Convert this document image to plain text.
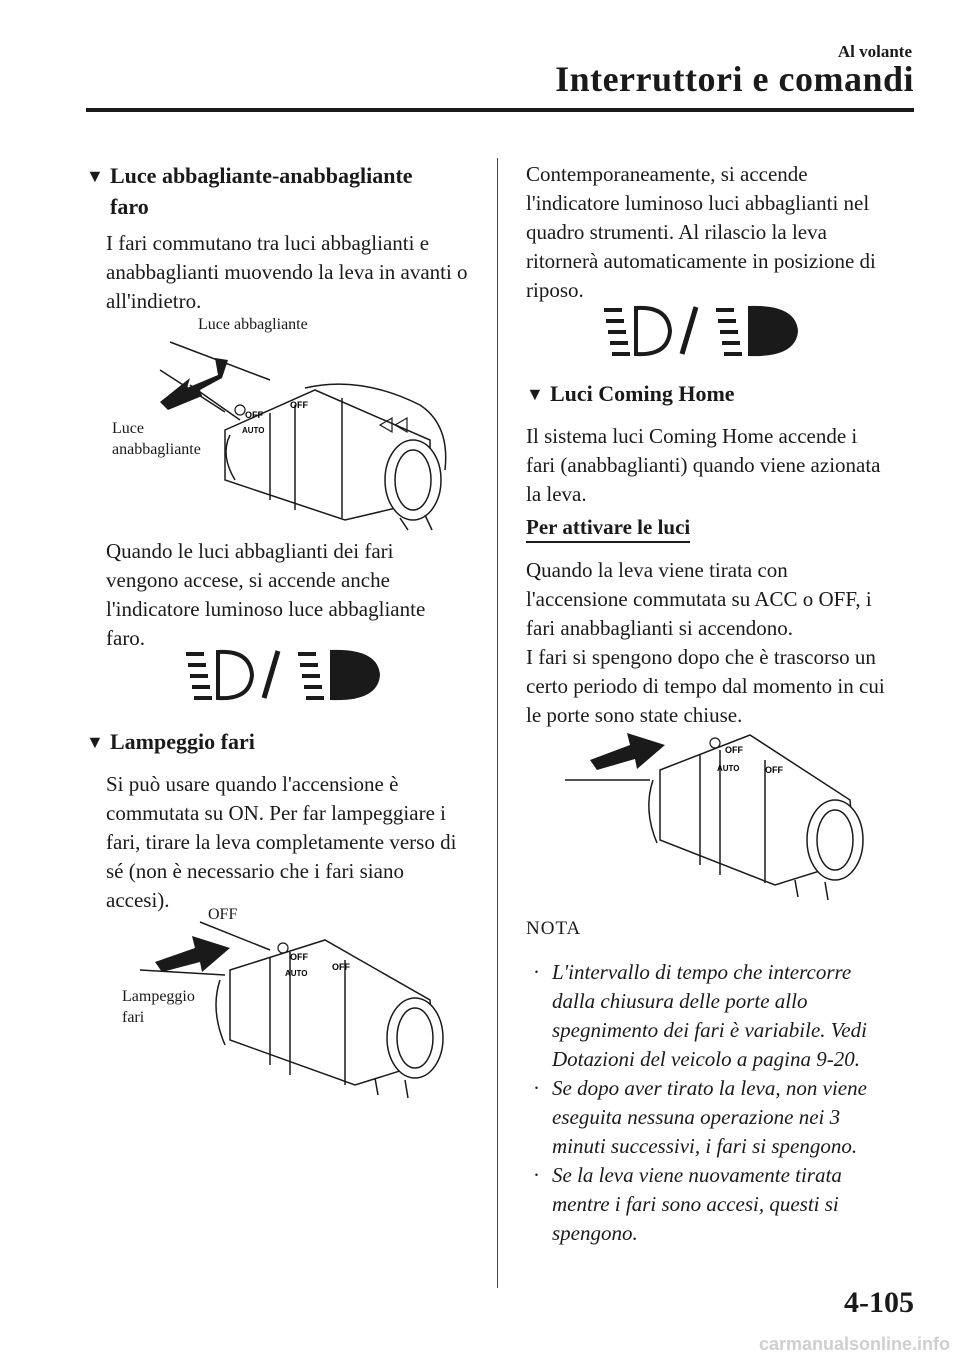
Al volante
Interruttori e comandi
▼ Luce abbagliante-anabbagliante
faro
I fari commutano tra luci abbaglianti e
anabbaglianti muovendo la leva in avanti o
all'indietro.
Luce abbagliante
Luce
anabbagliante
OFF
AUTO
OFF
Quando le luci abbaglianti dei fari
vengono accese, si accende anche
l'indicatore luminoso luce abbagliante
faro.
▼ Lampeggio fari
Si può usare quando l'accensione è
commutata su ON. Per far lampeggiare i
fari, tirare la leva completamente verso di
sé (non è necessario che i fari siano
accesi).
OFF
Lampeggio
fari
OFF
AUTO
OFF
Contemporaneamente, si accende
l'indicatore luminoso luci abbaglianti nel
quadro strumenti. Al rilascio la leva
ritornerà automaticamente in posizione di
riposo.
▼ Luci Coming Home
Il sistema luci Coming Home accende i
fari (anabbaglianti) quando viene azionata
la leva.
Per attivare le luci
Quando la leva viene tirata con
l'accensione commutata su ACC o OFF, i
fari anabbaglianti si accendono.
I fari si spengono dopo che è trascorso un
certo periodo di tempo dal momento in cui
le porte sono state chiuse.
OFF
AUTO	OFF
NOTA
· L'intervallo di tempo che intercorre
dalla chiusura delle porte allo
spegnimento dei fari è variabile. Vedi
Dotazioni del veicolo a pagina 9-20.
· Se dopo aver tirato la leva, non viene
eseguita nessuna operazione nei 3
minuti successivi, i fari si spengono.
· Se la leva viene nuovamente tirata
mentre i fari sono accesi, questi si
spengono.
4-105
carmanualsonline.info
